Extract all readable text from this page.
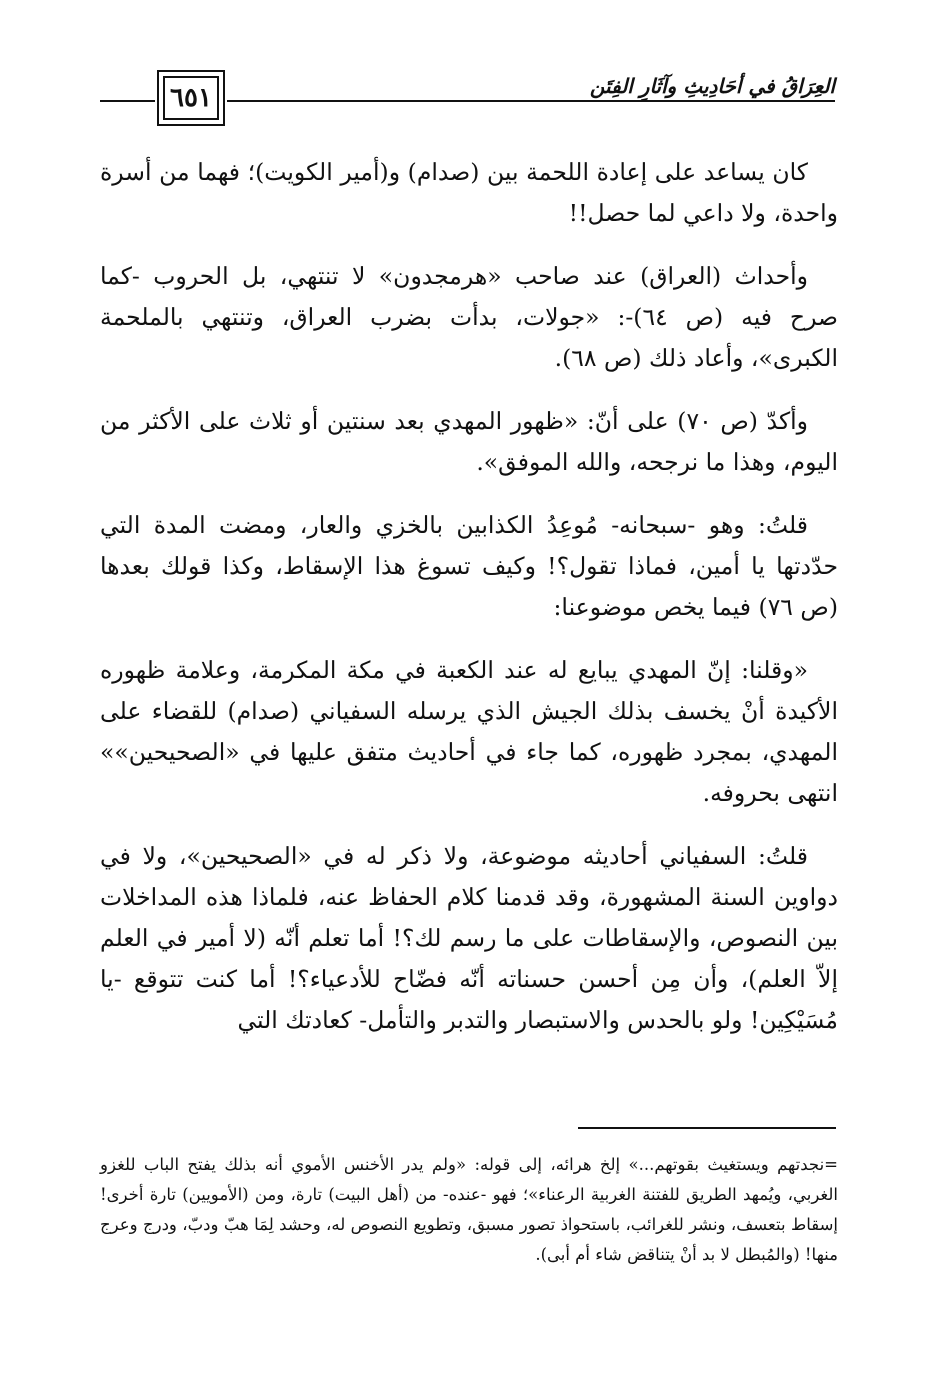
٦٥١	العِرَاقُ في أحَادِيثِ وآثَارِ الفِتَن

كان يساعد على إعادة اللحمة بين (صدام) و(أمير الكويت)؛ فهما من أسرة واحدة، ولا داعي لما حصل!!

وأحداث (العراق) عند صاحب «هرمجدون» لا تنتهي، بل الحروب -كما صرح فيه (ص ٦٤)-: «جولات، بدأت بضرب العراق، وتنتهي بالملحمة الكبرى»، وأعاد ذلك (ص ٦٨).

وأكدّ (ص ٧٠) على أنّ: «ظهور المهدي بعد سنتين أو ثلاث على الأكثر من اليوم، وهذا ما نرجحه، والله الموفق».

قلتُ: وهو -سبحانه- مُوعِدُ الكذابين بالخزي والعار، ومضت المدة التي حدّدتها يا أمين، فماذا تقول؟! وكيف تسوغ هذا الإسقاط، وكذا قولك بعدها (ص ٧٦) فيما يخص موضوعنا:

«وقلنا: إنّ المهدي يبايع له عند الكعبة في مكة المكرمة، وعلامة ظهوره الأكيدة أنْ يخسف بذلك الجيش الذي يرسله السفياني (صدام) للقضاء على المهدي، بمجرد ظهوره، كما جاء في أحاديث متفق عليها في «الصحيحين»» انتهى بحروفه.

قلتُ: السفياني أحاديثه موضوعة، ولا ذكر له في «الصحيحين»، ولا في دواوين السنة المشهورة، وقد قدمنا كلام الحفاظ عنه، فلماذا هذه المداخلات بين النصوص، والإسقاطات على ما رسم لك؟! أما تعلم أنّه (لا أمير في العلم إلاّ العلم)، وأن مِن أحسن حسناته أنّه فضّاح للأدعياء؟! أما كنت تتوقع -يا مُسَيْكِين! ولو بالحدس والاستبصار والتدبر والتأمل- كعادتك التي

=نجدتهم ويستغيث بقوتهم...» إلخ هرائه، إلى قوله: «ولم يدر الأخنس الأموي أنه بذلك يفتح الباب للغزو الغربي، ويُمهد الطريق للفتنة الغربية الرعناء»؛ فهو -عنده- من (أهل البيت) تارة، ومن (الأمويين) تارة أخرى! إسقاط بتعسف، ونشر للغرائب، باستحواذ تصور مسبق، وتطويع النصوص له، وحشد لِمَا هبّ ودبّ، ودرج وعرج منها! (والمُبطل لا بد أنْ يتناقض شاء أم أبى).
